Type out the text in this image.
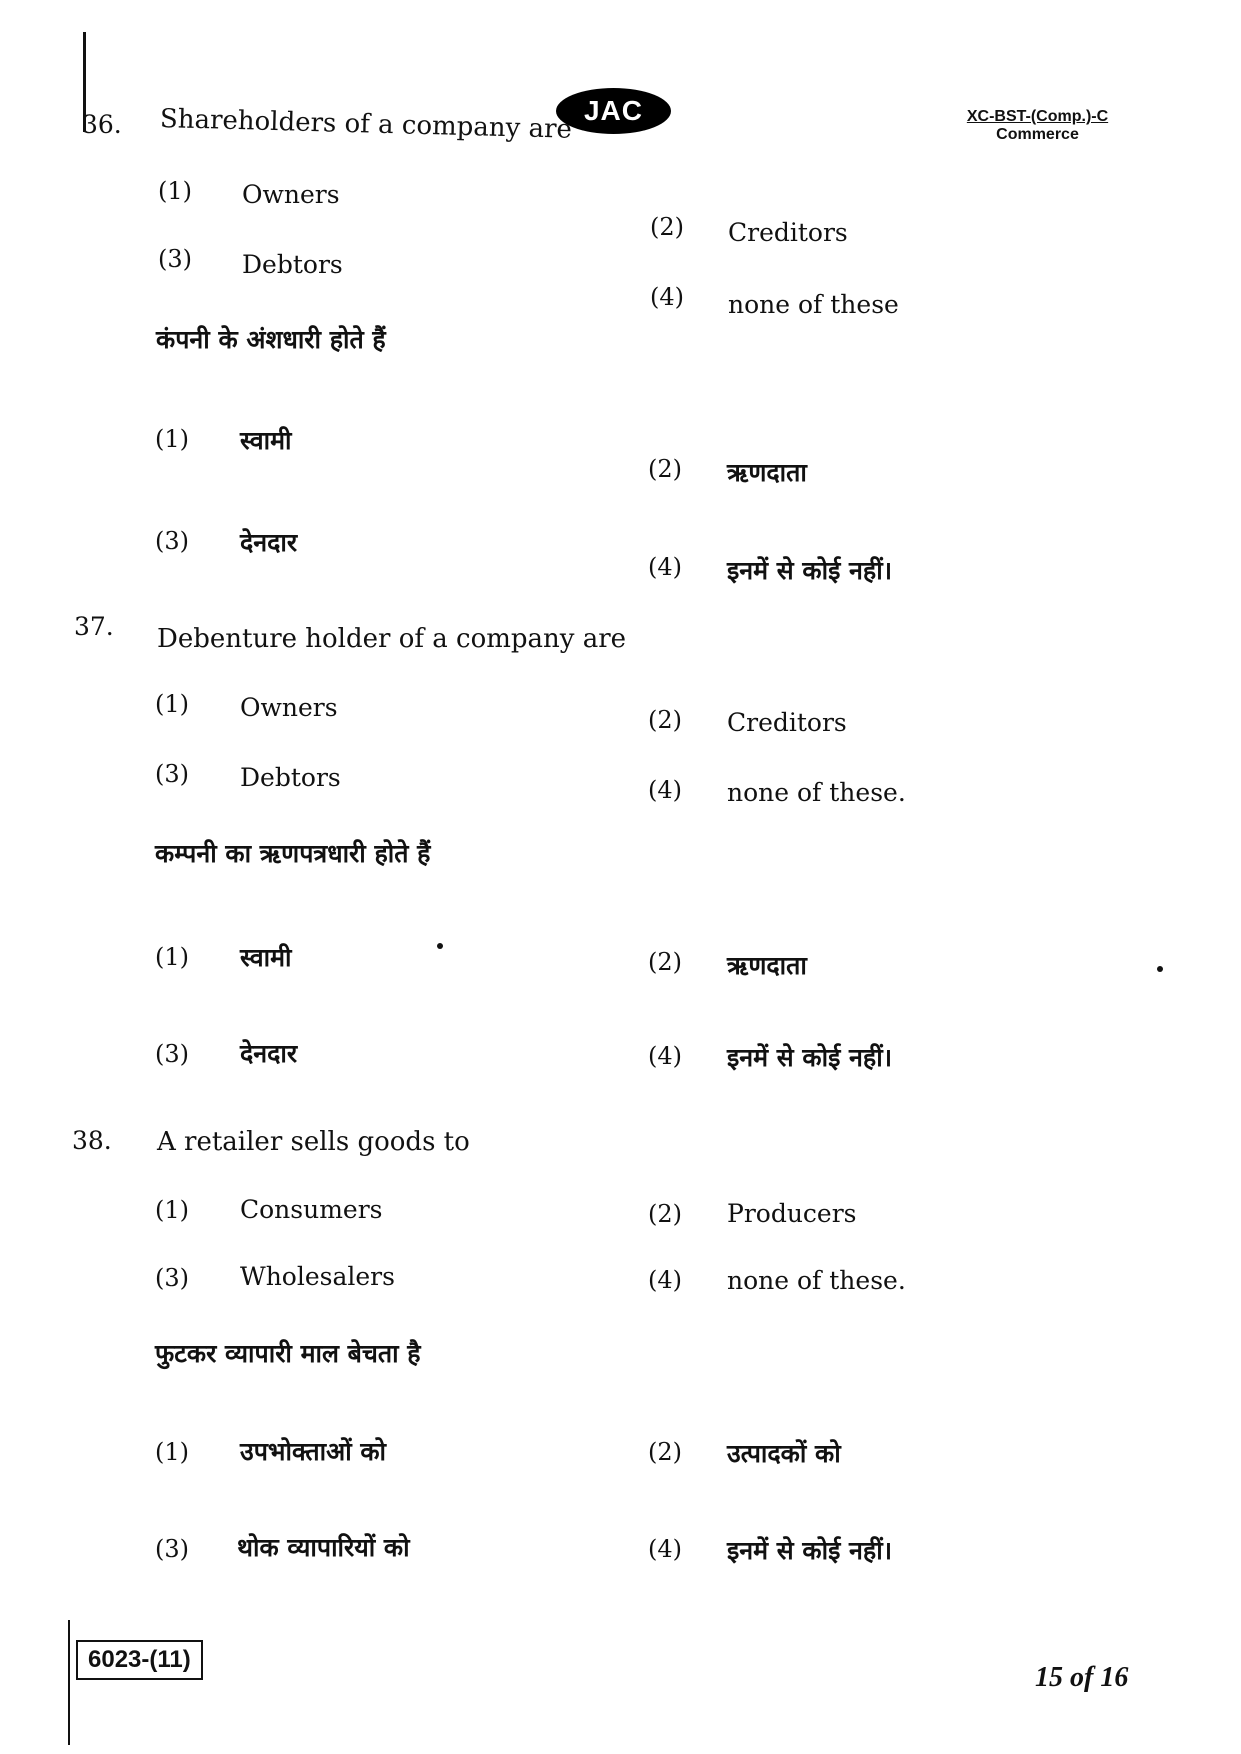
JAC	XC-BST-(Comp.)-C
Commerce
36. Shareholders of a company are
(1) Owners
(2) Creditors
(3) Debtors
(4) none of these
कंपनी के अंशधारी होते हैं
(1) स्वामी
(2) ऋणदाता
(3) देनदार
(4) इनमें से कोई नहीं।
37. Debenture holder of a company are
(1) Owners	(2) Creditors
(3) Debtors	(4) none of these.
कम्पनी का ऋणपत्रधारी होते हैं
(1) स्वामी	(2) ऋणदाता
(3) देनदार	(4) इनमें से कोई नहीं।
38. A retailer sells goods to
(1) Consumers	(2) Producers
(3) Wholesalers	(4) none of these.
फुटकर व्यापारी माल बेचता है
(1) उपभोक्ताओं को	(2) उत्पादकों को
(3) थोक व्यापारियों को	(4) इनमें से कोई नहीं।
6023-(11)
15 of 16
